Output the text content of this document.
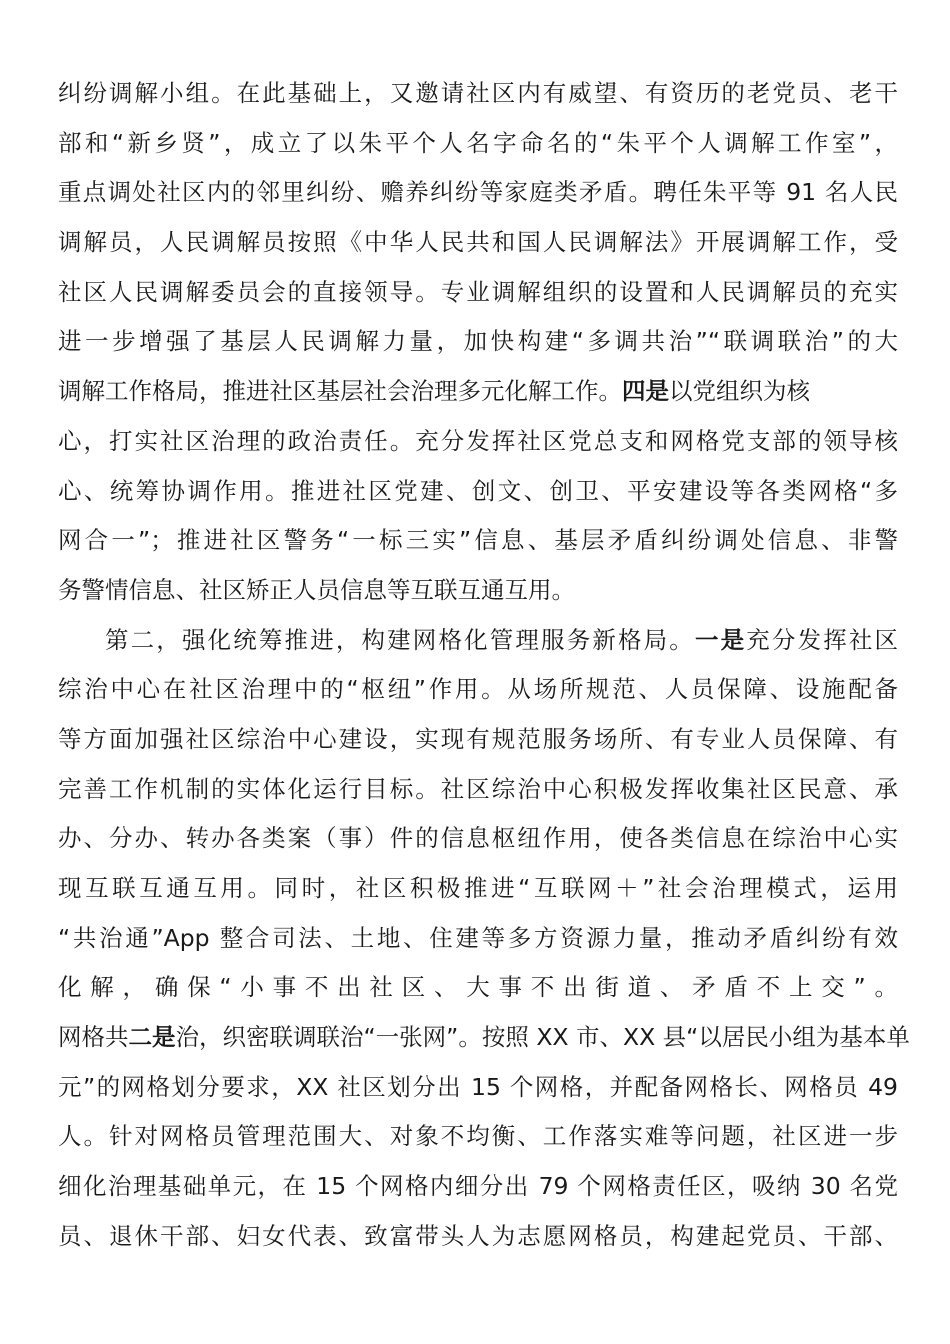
纠纷调解小组。在此基础上，又邀请社区内有威望、有资历的老党员、老干
部和“新乡贤”，成立了以朱平个人名字命名的“朱平个人调解工作室”，
重点调处社区内的邻里纠纷、赡养纠纷等家庭类矛盾。聘任朱平等 91 名人民
调解员，人民调解员按照《中华人民共和国人民调解法》开展调解工作，受
社区人民调解委员会的直接领导。专业调解组织的设置和人民调解员的充实
进一步增强了基层人民调解力量，加快构建“多调共治”“联调联治”的大
调解工作格局，推进社区基层社会治理多元化解工作。四是以党组织为核
心，打实社区治理的政治责任。充分发挥社区党总支和网格党支部的领导核
心、统筹协调作用。推进社区党建、创文、创卫、平安建设等各类网格“多
网合一”；推进社区警务“一标三实”信息、基层矛盾纠纷调处信息、非警
务警情信息、社区矫正人员信息等互联互通互用。
第二，强化统筹推进，构建网格化管理服务新格局。一是充分发挥社区
综治中心在社区治理中的“枢纽”作用。从场所规范、人员保障、设施配备
等方面加强社区综治中心建设，实现有规范服务场所、有专业人员保障、有
完善工作机制的实体化运行目标。社区综治中心积极发挥收集社区民意、承
办、分办、转办各类案（事）件的信息枢纽作用，使各类信息在综治中心实
现互联互通互用。同时，社区积极推进“互联网＋”社会治理模式，运用
“共治通”App 整合司法、土地、住建等多方资源力量，推动矛盾纠纷有效
化解，确保“小事不出社区、大事不出街道、矛盾不上交”。
网格共二是治，织密联调联治“一张网”。按照 XX 市、XX 县“以居民小组为基本单
元”的网格划分要求，XX 社区划分出 15 个网格，并配备网格长、网格员 49
人。针对网格员管理范围大、对象不均衡、工作落实难等问题，社区进一步
细化治理基础单元，在 15 个网格内细分出 79 个网格责任区，吸纳 30 名党
员、退休干部、妇女代表、致富带头人为志愿网格员，构建起党员、干部、
